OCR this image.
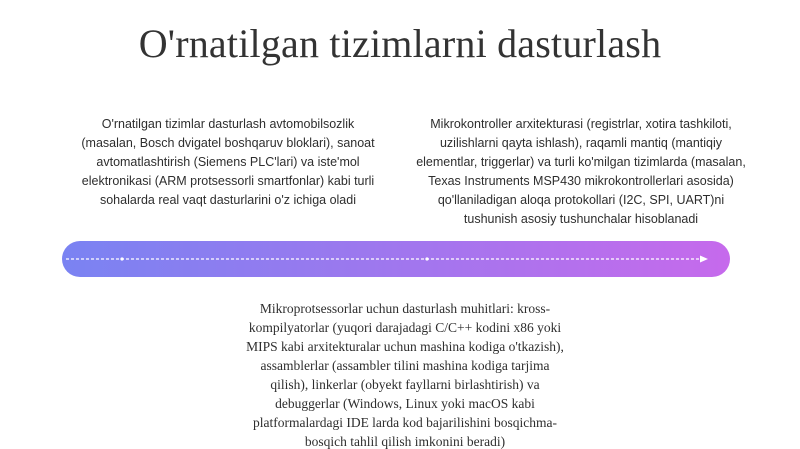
O'rnatilgan tizimlarni dasturlash
O'rnatilgan tizimlar dasturlash avtomobilsozlik (masalan, Bosch dvigatel boshqaruv bloklari), sanoat avtomatlashtirish (Siemens PLC'lari) va iste'mol elektronikasi (ARM protsessorli smartfonlar) kabi turli sohalarda real vaqt dasturlarini o'z ichiga oladi
Mikrokontroller arxitekturasi (registrlar, xotira tashkiloti, uzilishlarni qayta ishlash), raqamli mantiq (mantiqiy elementlar, triggerlar) va turli ko'milgan tizimlarda (masalan, Texas Instruments MSP430 mikrokontrollerlari asosida) qo'llaniladigan aloqa protokollari (I2C, SPI, UART)ni tushunish asosiy tushunchalar hisoblanadi
Mikroprotsessorlar uchun dasturlash muhitlari: kross-kompilyatorlar (yuqori darajadagi C/C++ kodini x86 yoki MIPS kabi arxitekturalar uchun mashina kodiga o'tkazish), assamblerlar (assambler tilini mashina kodiga tarjima qilish), linkerlar (obyekt fayllarni birlashtirish) va debuggerlar (Windows, Linux yoki macOS kabi platformalardagi IDE larda kod bajarilishini bosqichma-bosqich tahlil qilish imkonini beradi)
